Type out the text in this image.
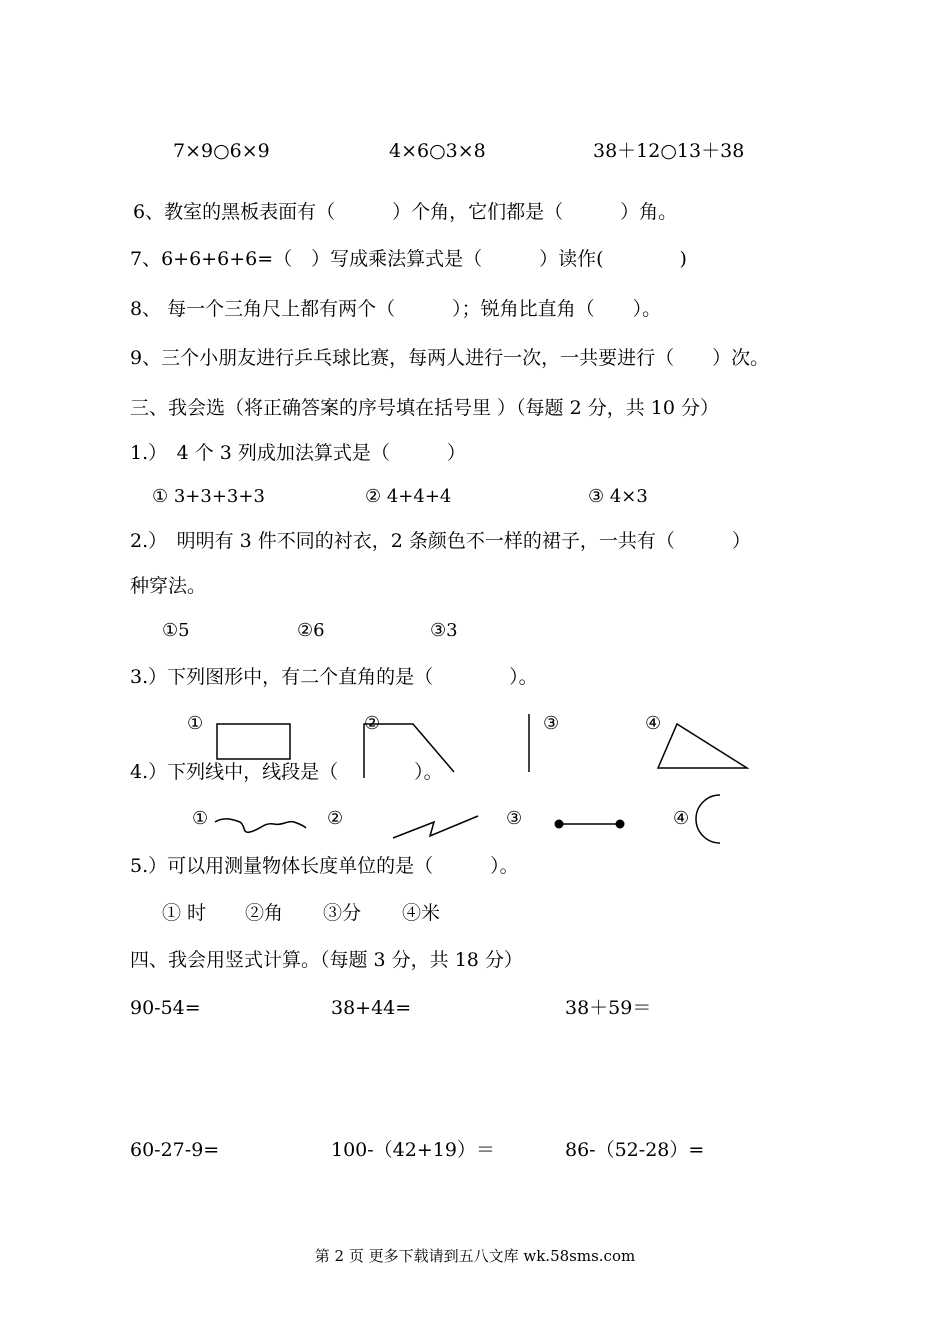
7×9○6×9	4×6○3×8	38＋12○13＋38
6、教室的黑板表面有（　　　）个角，它们都是（　　　）角。
7、6+6+6+6=（　）写成乘法算式是（　　　）读作(　　　　)
8、 每一个三角尺上都有两个（　　　）；锐角比直角（　　）。
9、三个小朋友进行乒乓球比赛，每两人进行一次，一共要进行（　　）次。
三、我会选（将正确答案的序号填在括号里 ）（每题 2 分，共 10 分）
1.）　4 个 3 列成加法算式是（　　　）
① 3+3+3+3	② 4+4+4	③ 4×3
2.）　明明有 3 件不同的衬衣，2 条颜色不一样的裙子，一共有（　　　）
种穿法。
①5	②6	③3
3.）下列图形中，有二个直角的是（　　　　）。
①	②	③	④
4.）下列线中，线段是（　　　　）。
①	②	③	④
5.）可以用测量物体长度单位的是（　　　）。
① 时 ②角 ③分 ④米
四、我会用竖式计算。（每题 3 分，共 18 分）
90-54=	38+44=	38＋59＝
60-27-9=	100-（42+19）＝	86-（52-28）=
第 2 页 更多下载请到五八文库 wk.58sms.com
